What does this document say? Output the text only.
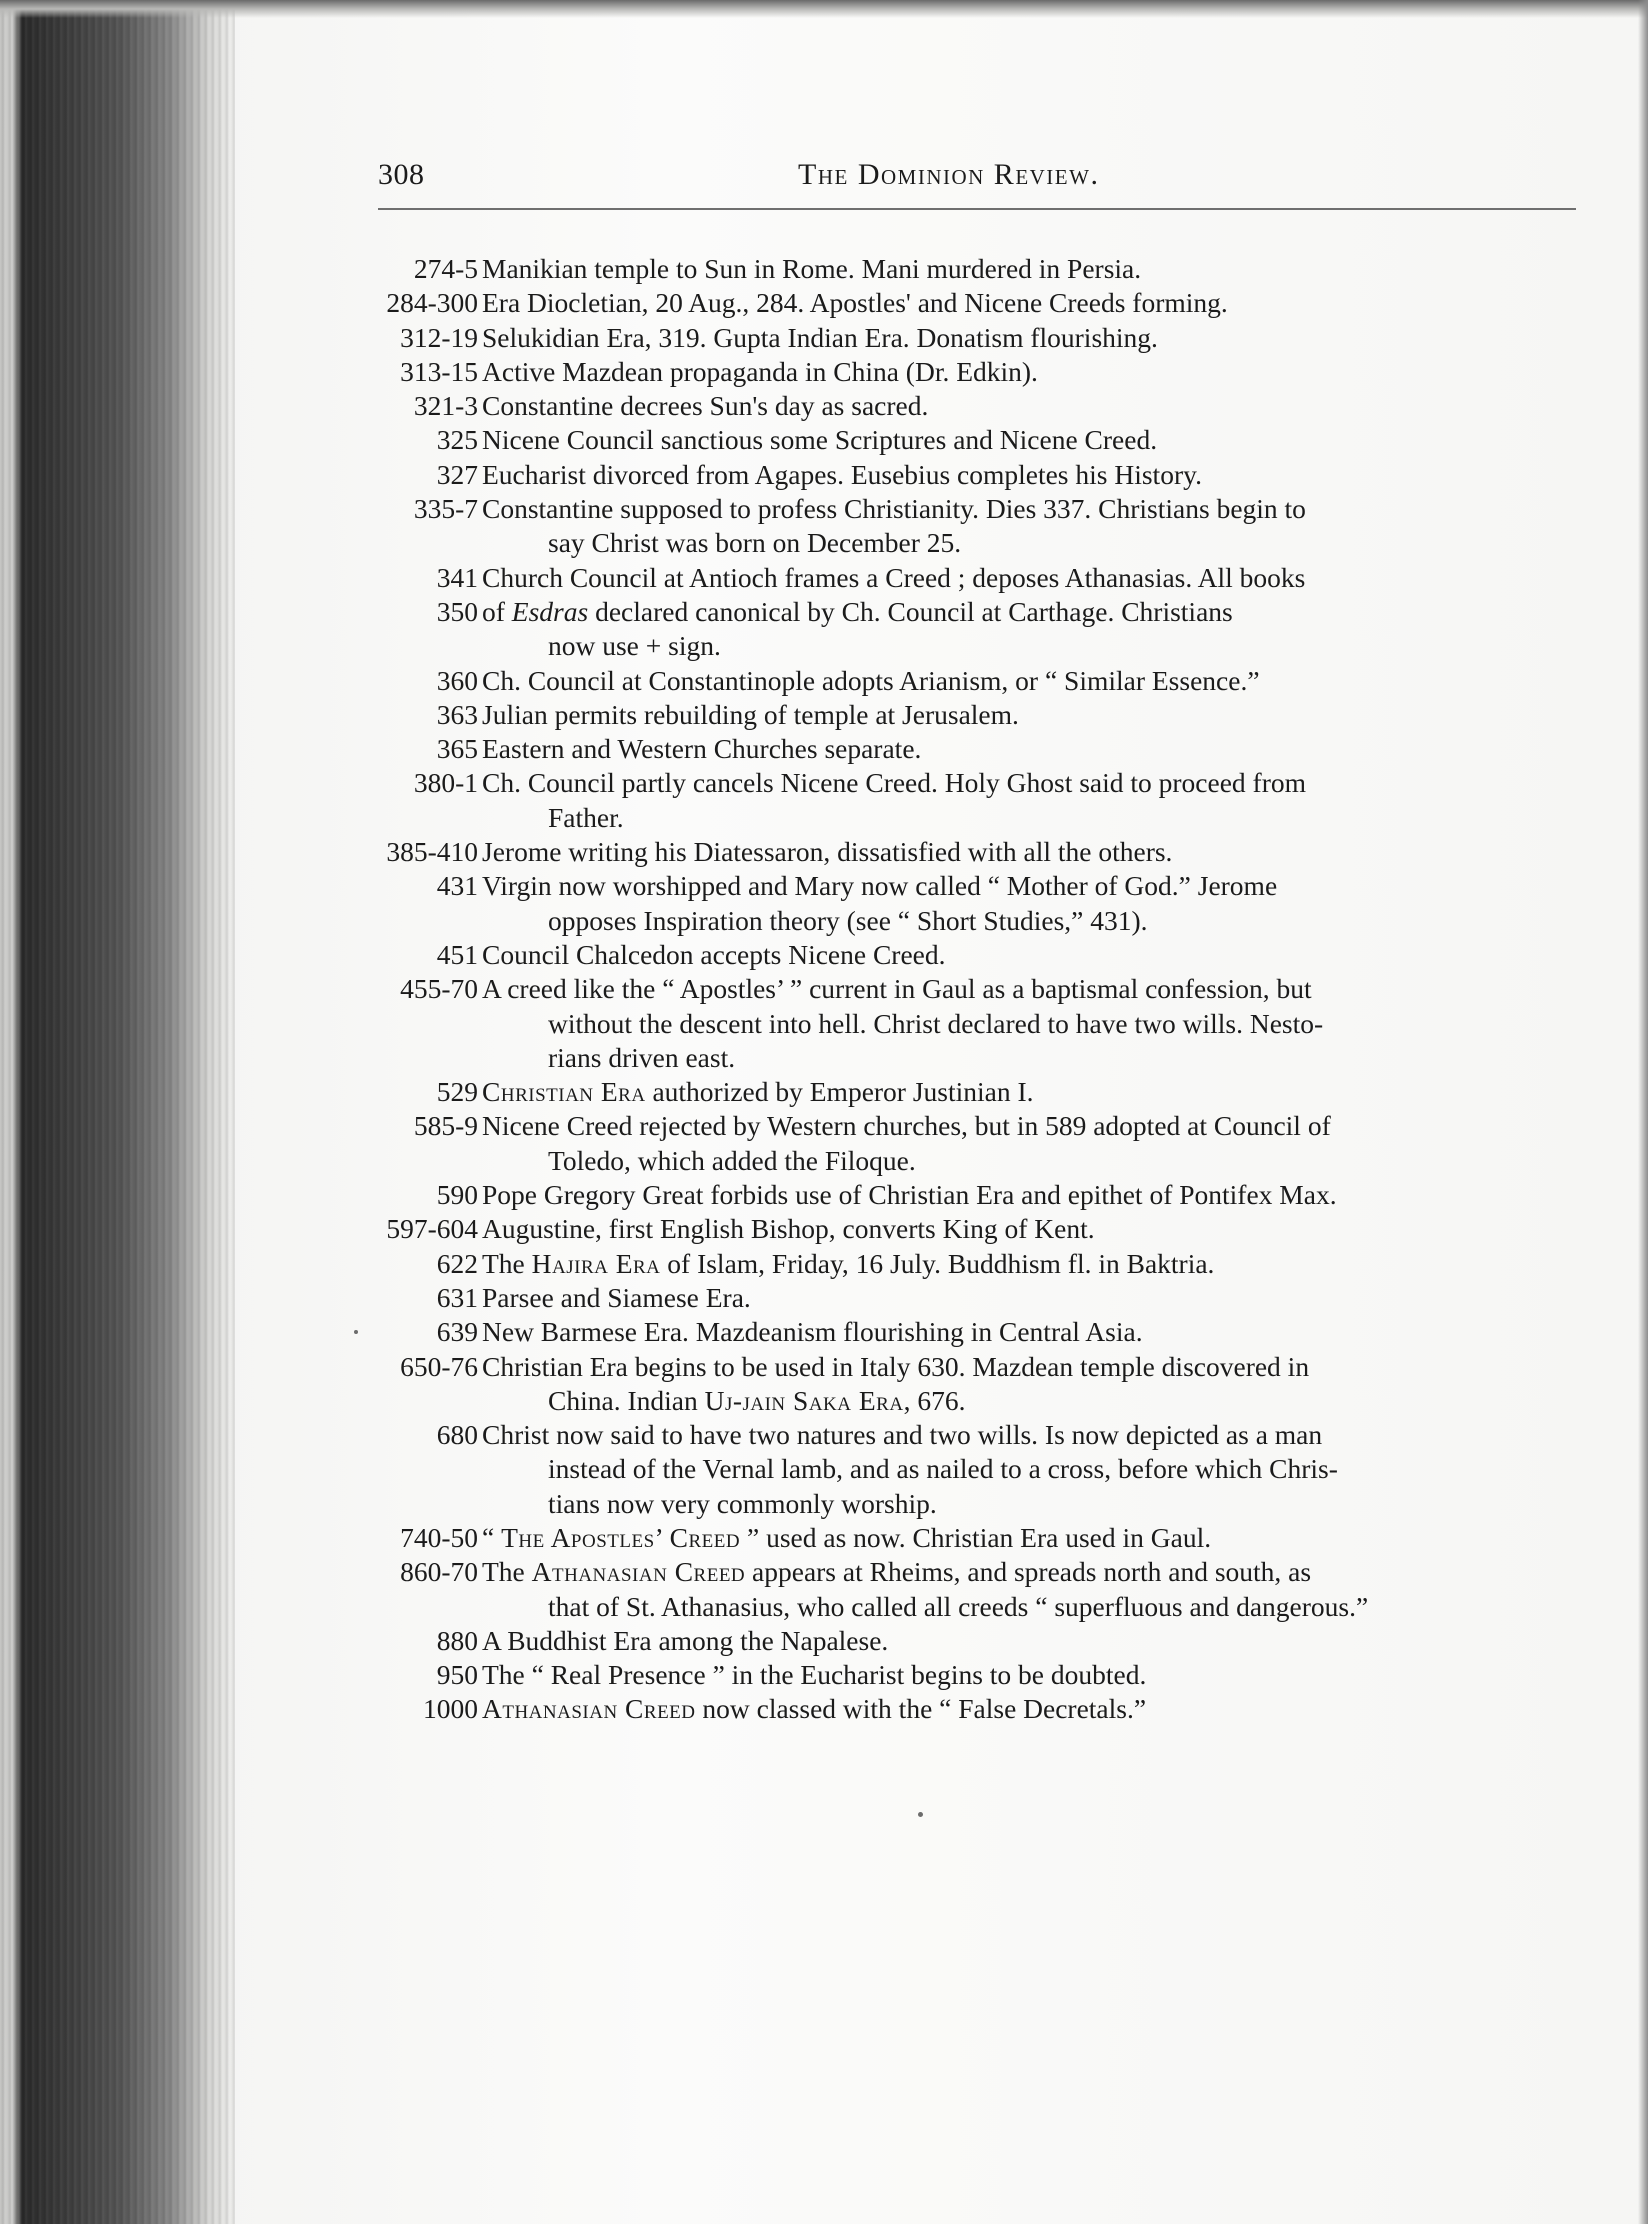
308	The Dominion Review.
274-5 Manikian temple to Sun in Rome. Mani murdered in Persia.
284-300 Era Diocletian, 20 Aug., 284. Apostles' and Nicene Creeds forming.
312-19 Selukidian Era, 319. Gupta Indian Era. Donatism flourishing.
313-15 Active Mazdean propaganda in China (Dr. Edkin).
321-3 Constantine decrees Sun's day as sacred.
325 Nicene Council sanctious some Scriptures and Nicene Creed.
327 Eucharist divorced from Agapes. Eusebius completes his History.
335-7 Constantine supposed to profess Christianity. Dies 337. Christians begin to
say Christ was born on December 25.
341 Church Council at Antioch frames a Creed ; deposes Athanasias. All books
350 of Esdras declared canonical by Ch. Council at Carthage. Christians
now use + sign.
360 Ch. Council at Constantinople adopts Arianism, or “ Similar Essence.”
363 Julian permits rebuilding of temple at Jerusalem.
365 Eastern and Western Churches separate.
380-1 Ch. Council partly cancels Nicene Creed. Holy Ghost said to proceed from
Father.
385-410 Jerome writing his Diatessaron, dissatisfied with all the others.
431 Virgin now worshipped and Mary now called “ Mother of God.” Jerome
opposes Inspiration theory (see “ Short Studies,” 431).
451 Council Chalcedon accepts Nicene Creed.
455-70 A creed like the “ Apostles’ ” current in Gaul as a baptismal confession, but
without the descent into hell. Christ declared to have two wills. Nesto-
rians driven east.
529 Christian Era authorized by Emperor Justinian I.
585-9 Nicene Creed rejected by Western churches, but in 589 adopted at Council of
Toledo, which added the Filoque.
590 Pope Gregory Great forbids use of Christian Era and epithet of Pontifex Max.
597-604 Augustine, first English Bishop, converts King of Kent.
622 The Hajira Era of Islam, Friday, 16 July. Buddhism fl. in Baktria.
631 Parsee and Siamese Era.
639 New Barmese Era. Mazdeanism flourishing in Central Asia.
650-76 Christian Era begins to be used in Italy 630. Mazdean temple discovered in
China. Indian Uj-jain Saka Era, 676.
680 Christ now said to have two natures and two wills. Is now depicted as a man
instead of the Vernal lamb, and as nailed to a cross, before which Chris-
tians now very commonly worship.
740-50 “ The Apostles’ Creed ” used as now. Christian Era used in Gaul.
860-70 The Athanasian Creed appears at Rheims, and spreads north and south, as
that of St. Athanasius, who called all creeds “ superfluous and dangerous.”
880 A Buddhist Era among the Napalese.
950 The “ Real Presence ” in the Eucharist begins to be doubted.
1000 Athanasian Creed now classed with the “ False Decretals.”
